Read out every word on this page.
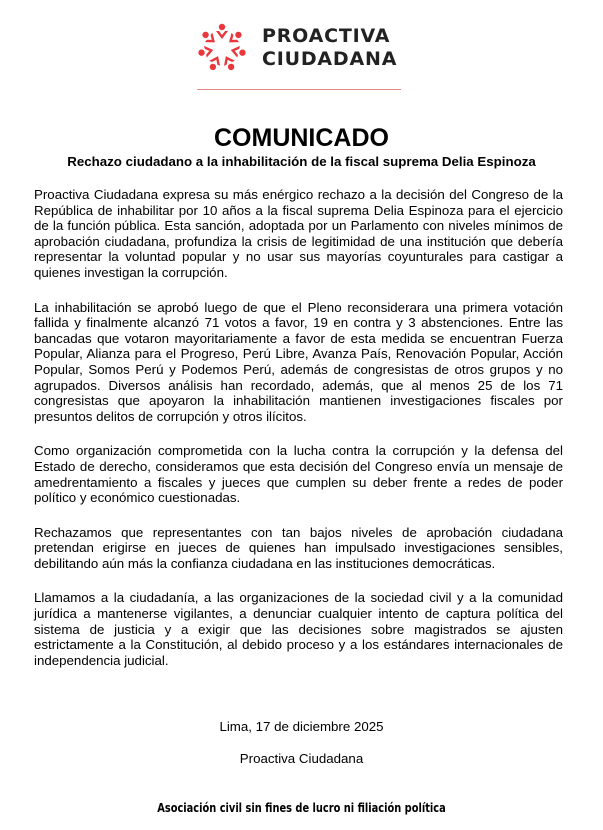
PROACTIVA
CIUDADANA
COMUNICADO
Rechazo ciudadano a la inhabilitación de la fiscal suprema Delia Espinoza

Proactiva Ciudadana expresa su más enérgico rechazo a la decisión del Congreso de la República de inhabilitar por 10 años a la fiscal suprema Delia Espinoza para el ejercicio de la función pública. Esta sanción, adoptada por un Parlamento con niveles mínimos de aprobación ciudadana, profundiza la crisis de legitimidad de una institución que debería representar la voluntad popular y no usar sus mayorías coyunturales para castigar a quienes investigan la corrupción.

La inhabilitación se aprobó luego de que el Pleno reconsiderara una primera votación fallida y finalmente alcanzó 71 votos a favor, 19 en contra y 3 abstenciones. Entre las bancadas que votaron mayoritariamente a favor de esta medida se encuentran Fuerza Popular, Alianza para el Progreso, Perú Libre, Avanza País, Renovación Popular, Acción Popular, Somos Perú y Podemos Perú, además de congresistas de otros grupos y no agrupados. Diversos análisis han recordado, además, que al menos 25 de los 71 congresistas que apoyaron la inhabilitación mantienen investigaciones fiscales por presuntos delitos de corrupción y otros ilícitos.

Como organización comprometida con la lucha contra la corrupción y la defensa del Estado de derecho, consideramos que esta decisión del Congreso envía un mensaje de amedrentamiento a fiscales y jueces que cumplen su deber frente a redes de poder político y económico cuestionadas.

Rechazamos que representantes con tan bajos niveles de aprobación ciudadana pretendan erigirse en jueces de quienes han impulsado investigaciones sensibles, debilitando aún más la confianza ciudadana en las instituciones democráticas.

Llamamos a la ciudadanía, a las organizaciones de la sociedad civil y a la comunidad jurídica a mantenerse vigilantes, a denunciar cualquier intento de captura política del sistema de justicia y a exigir que las decisiones sobre magistrados se ajusten estrictamente a la Constitución, al debido proceso y a los estándares internacionales de independencia judicial.

Lima, 17 de diciembre 2025
Proactiva Ciudadana
Asociación civil sin fines de lucro ni filiación política
